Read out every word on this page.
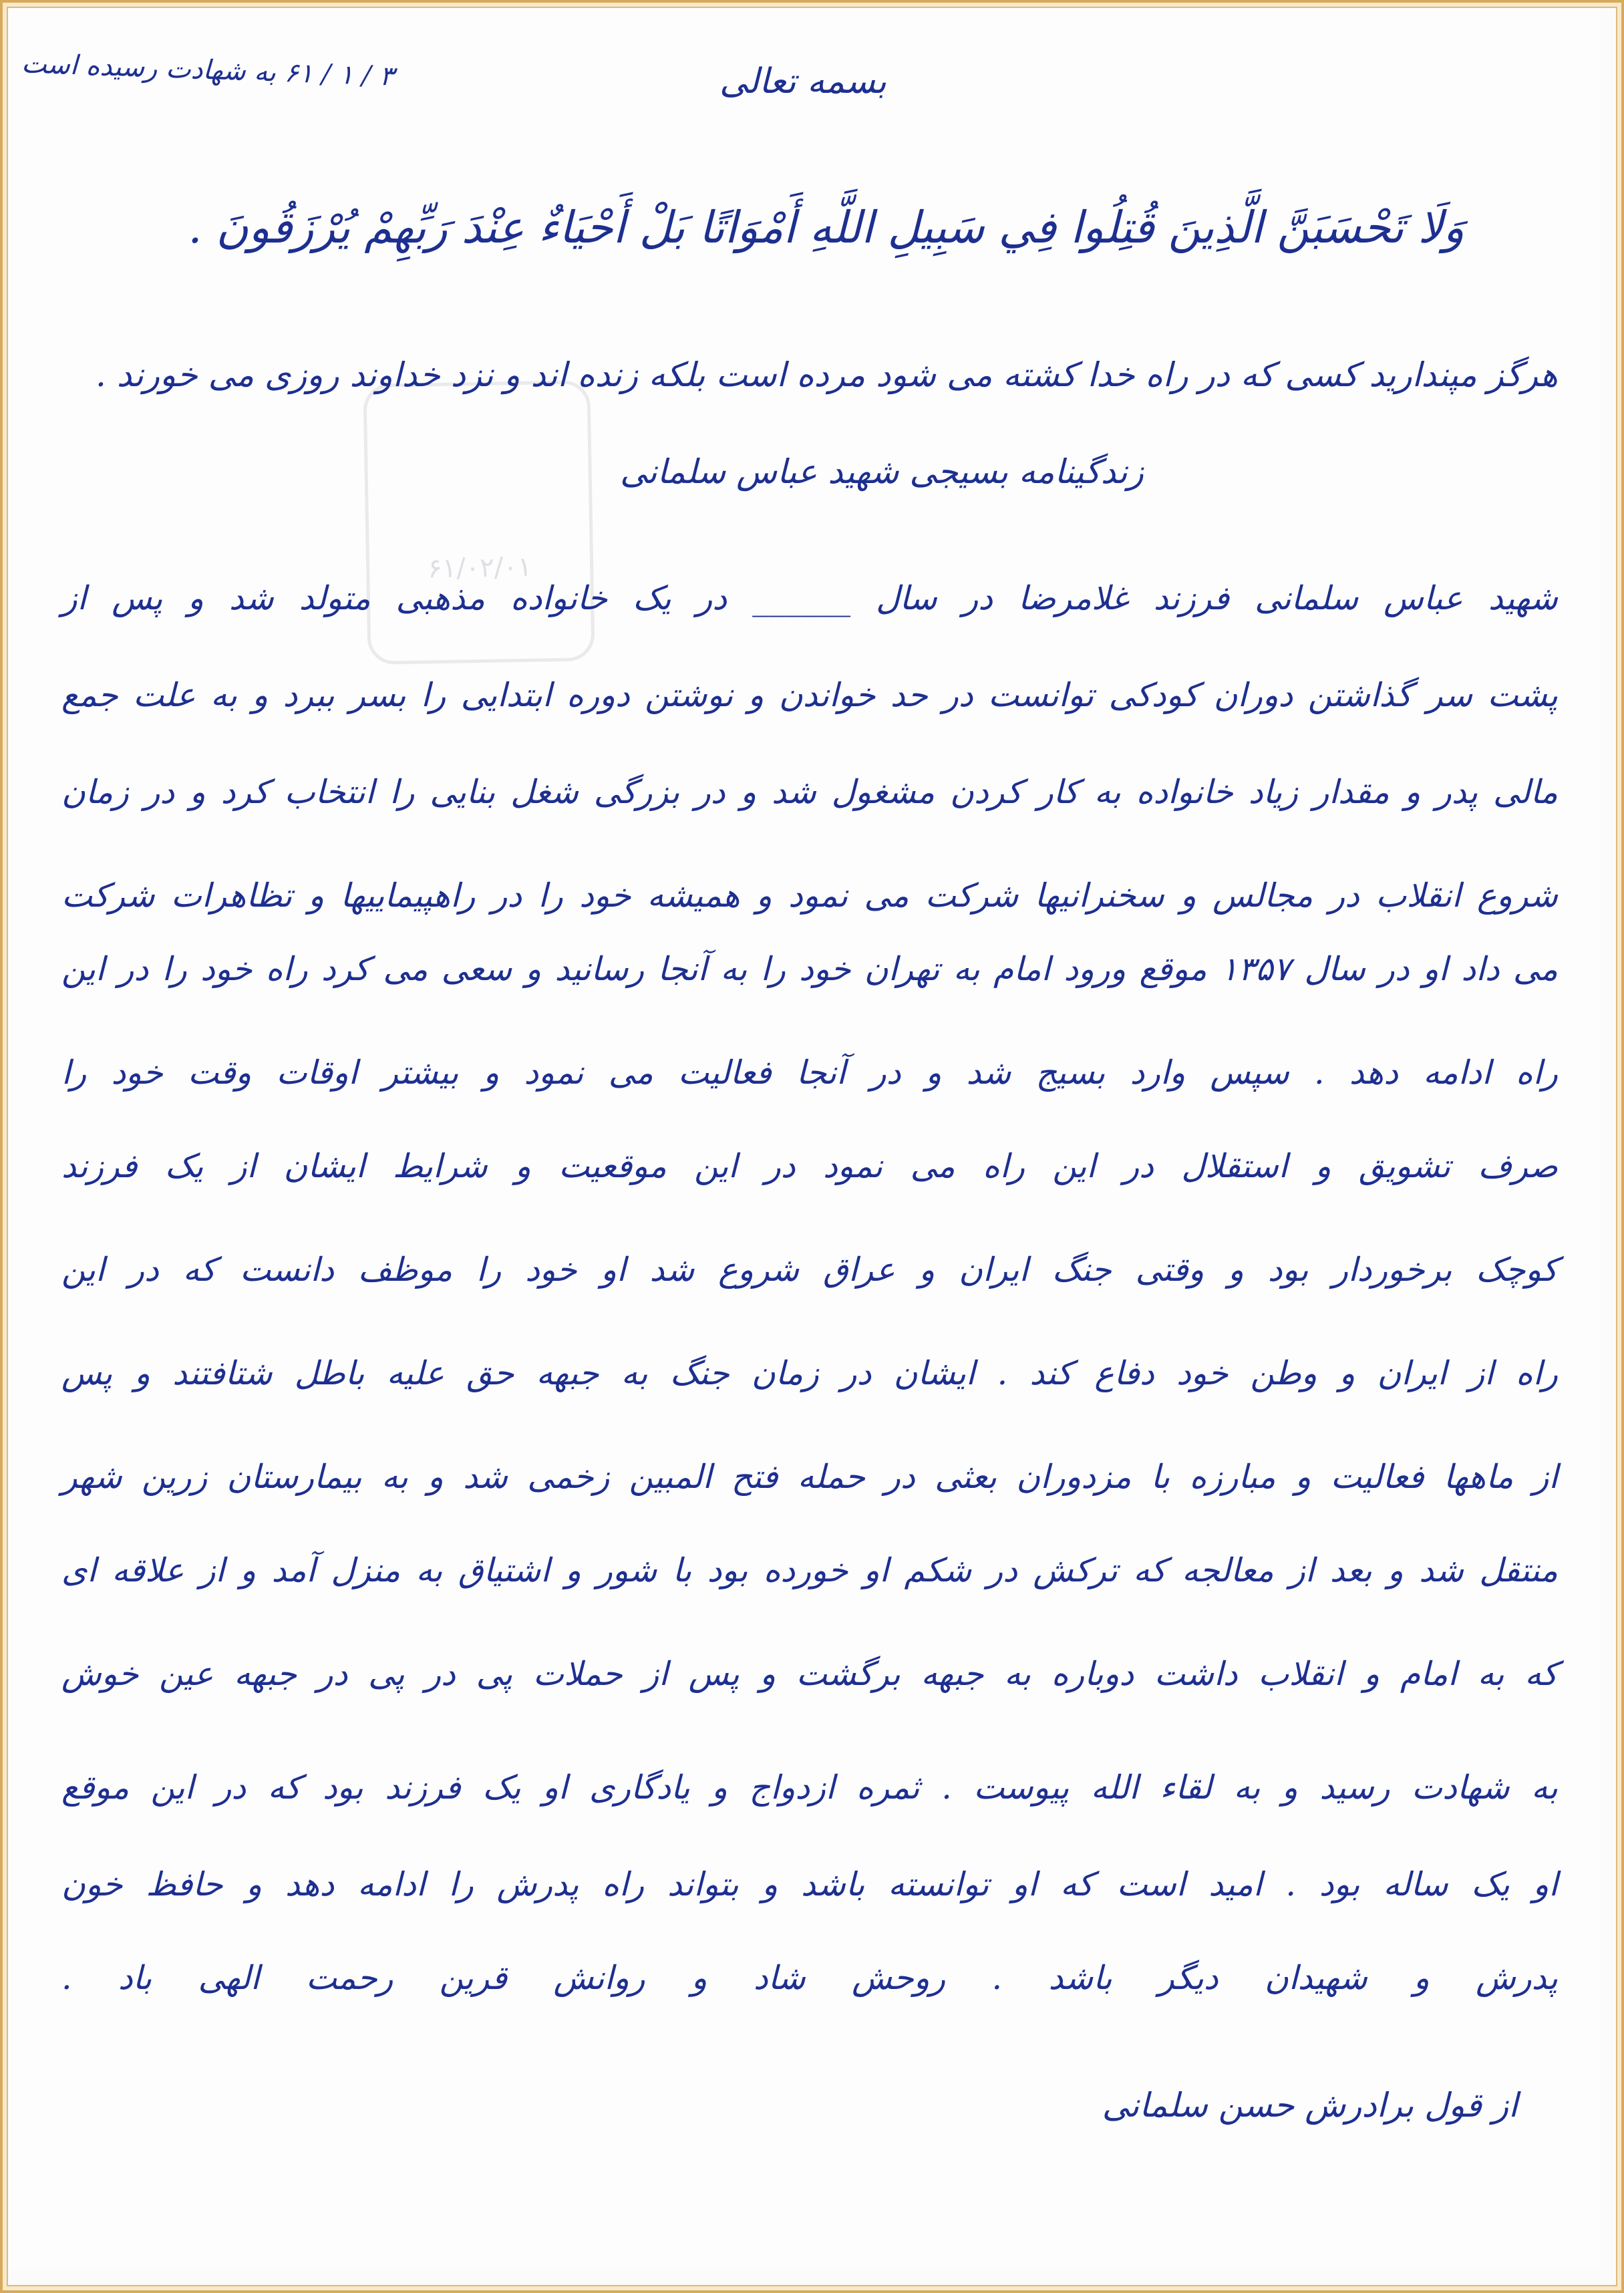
۶۱/۰۲/۰۱
۳ / ۱ / ۶۱ به شهادت رسیده است	بسمه تعالی
وَلَا تَحْسَبَنَّ الَّذِينَ قُتِلُوا فِي سَبِيلِ اللَّهِ أَمْوَاتًا بَلْ أَحْيَاءٌ عِنْدَ رَبِّهِمْ يُرْزَقُونَ .
هرگز مپندارید کسی که در راه خدا کشته می شود مرده است بلکه زنده اند و نزد خداوند روزی می خورند .
زندگینامه بسیجی شهید عباس سلمانی
شهید عباس سلمانی فرزند غلامرضا در سال ______ در یک خانواده مذهبی متولد شد و پس از
پشت سر گذاشتن دوران کودکی توانست در حد خواندن و نوشتن دوره ابتدایی را بسر ببرد و به علت جمع
مالی پدر و مقدار زیاد خانواده به کار کردن مشغول شد و در بزرگی شغل بنایی را انتخاب کرد و در زمان
شروع انقلاب در مجالس و سخنرانیها شرکت می نمود و همیشه خود را در راهپیماییها و تظاهرات شرکت
می داد او در سال ۱۳۵۷ موقع ورود امام به تهران خود را به آنجا رسانید و سعی می کرد راه خود را در این
راه ادامه دهد . سپس وارد بسیج شد و در آنجا فعالیت می نمود و بیشتر اوقات وقت خود را
صرف تشویق و استقلال در این راه می نمود در این موقعیت و شرایط ایشان از یک فرزند
کوچک برخوردار بود و وقتی جنگ ایران و عراق شروع شد او خود را موظف دانست که در این
راه از ایران و وطن خود دفاع کند . ایشان در زمان جنگ به جبهه حق علیه باطل شتافتند و پس
از ماهها فعالیت و مبارزه با مزدوران بعثی در حمله فتح المبین زخمی شد و به بیمارستان زرین شهر
منتقل شد و بعد از معالجه که ترکش در شکم او خورده بود با شور و اشتیاق به منزل آمد و از علاقه ای
که به امام و انقلاب داشت دوباره به جبهه برگشت و پس از حملات پی در پی در جبهه عین خوش
به شهادت رسید و به لقاء الله پیوست . ثمره ازدواج و یادگاری او یک فرزند بود که در این موقع
او یک ساله بود . امید است که او توانسته باشد و بتواند راه پدرش را ادامه دهد و حافظ خون
پدرش و شهیدان دیگر باشد . روحش شاد و روانش قرین رحمت الهی باد .
از قول برادرش حسن سلمانی
